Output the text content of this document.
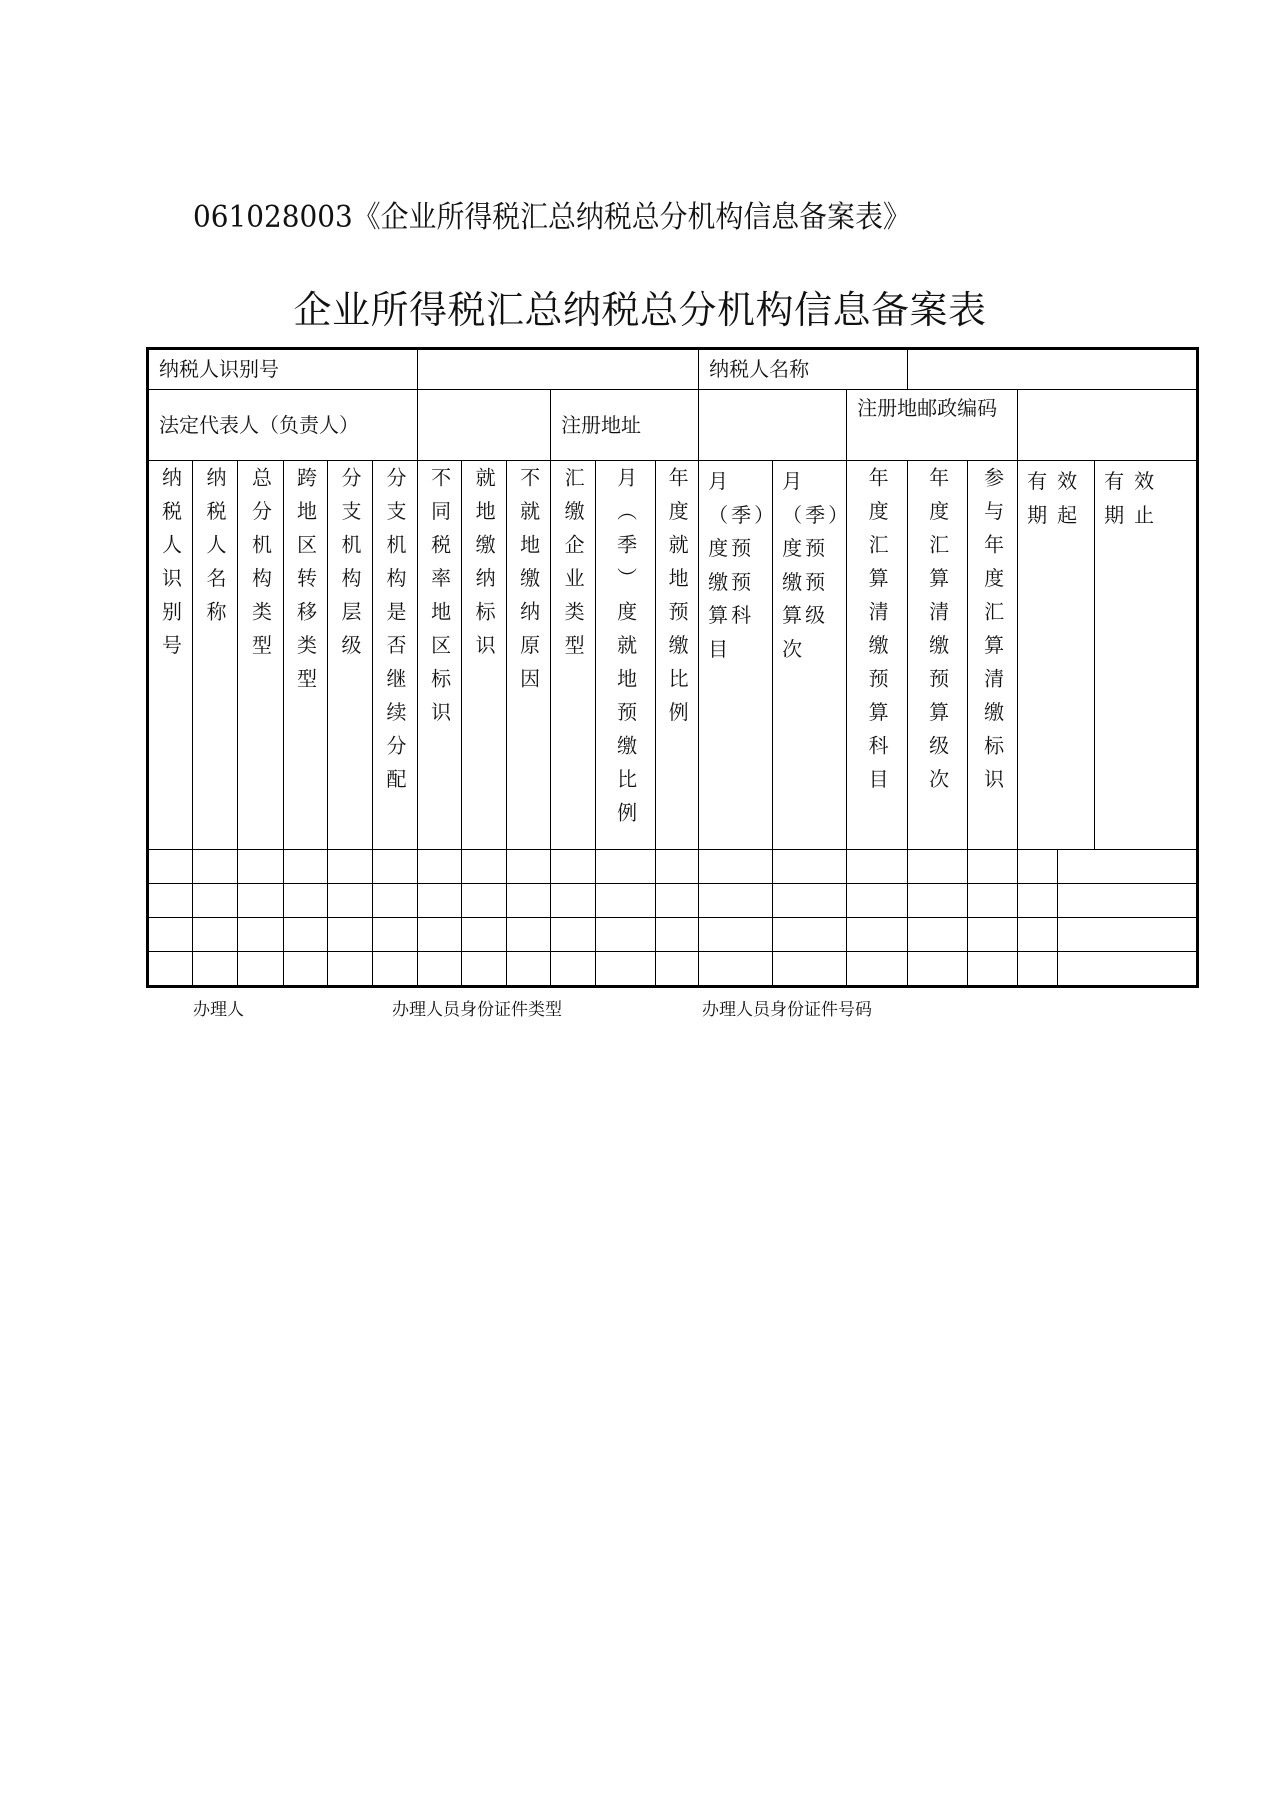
061028003《企业所得税汇总纳税总分机构信息备案表》
企业所得税汇总纳税总分机构信息备案表
纳税人识别号												纳税人名称							
法定代表人（负责人）									注册地址					注册地邮政编码					

纳税人识别号	纳税人名称	总分机构类型	跨地区转移类型	分支机构层级	分支机构是否继续分配	不同税率地区标识	就地缴纳标识	不就地缴纳原因	汇缴企业类型	月（季）度就地预缴比例	年度就地预缴比例	月（季）度预缴预算科目	月（季）度预缴预算级次	年度汇算清缴预算科目	年度汇算清缴预算级次	参与年度汇算清缴标识	有效期起		有效期止

办理人	办理人员身份证件类型	办理人员身份证件号码
